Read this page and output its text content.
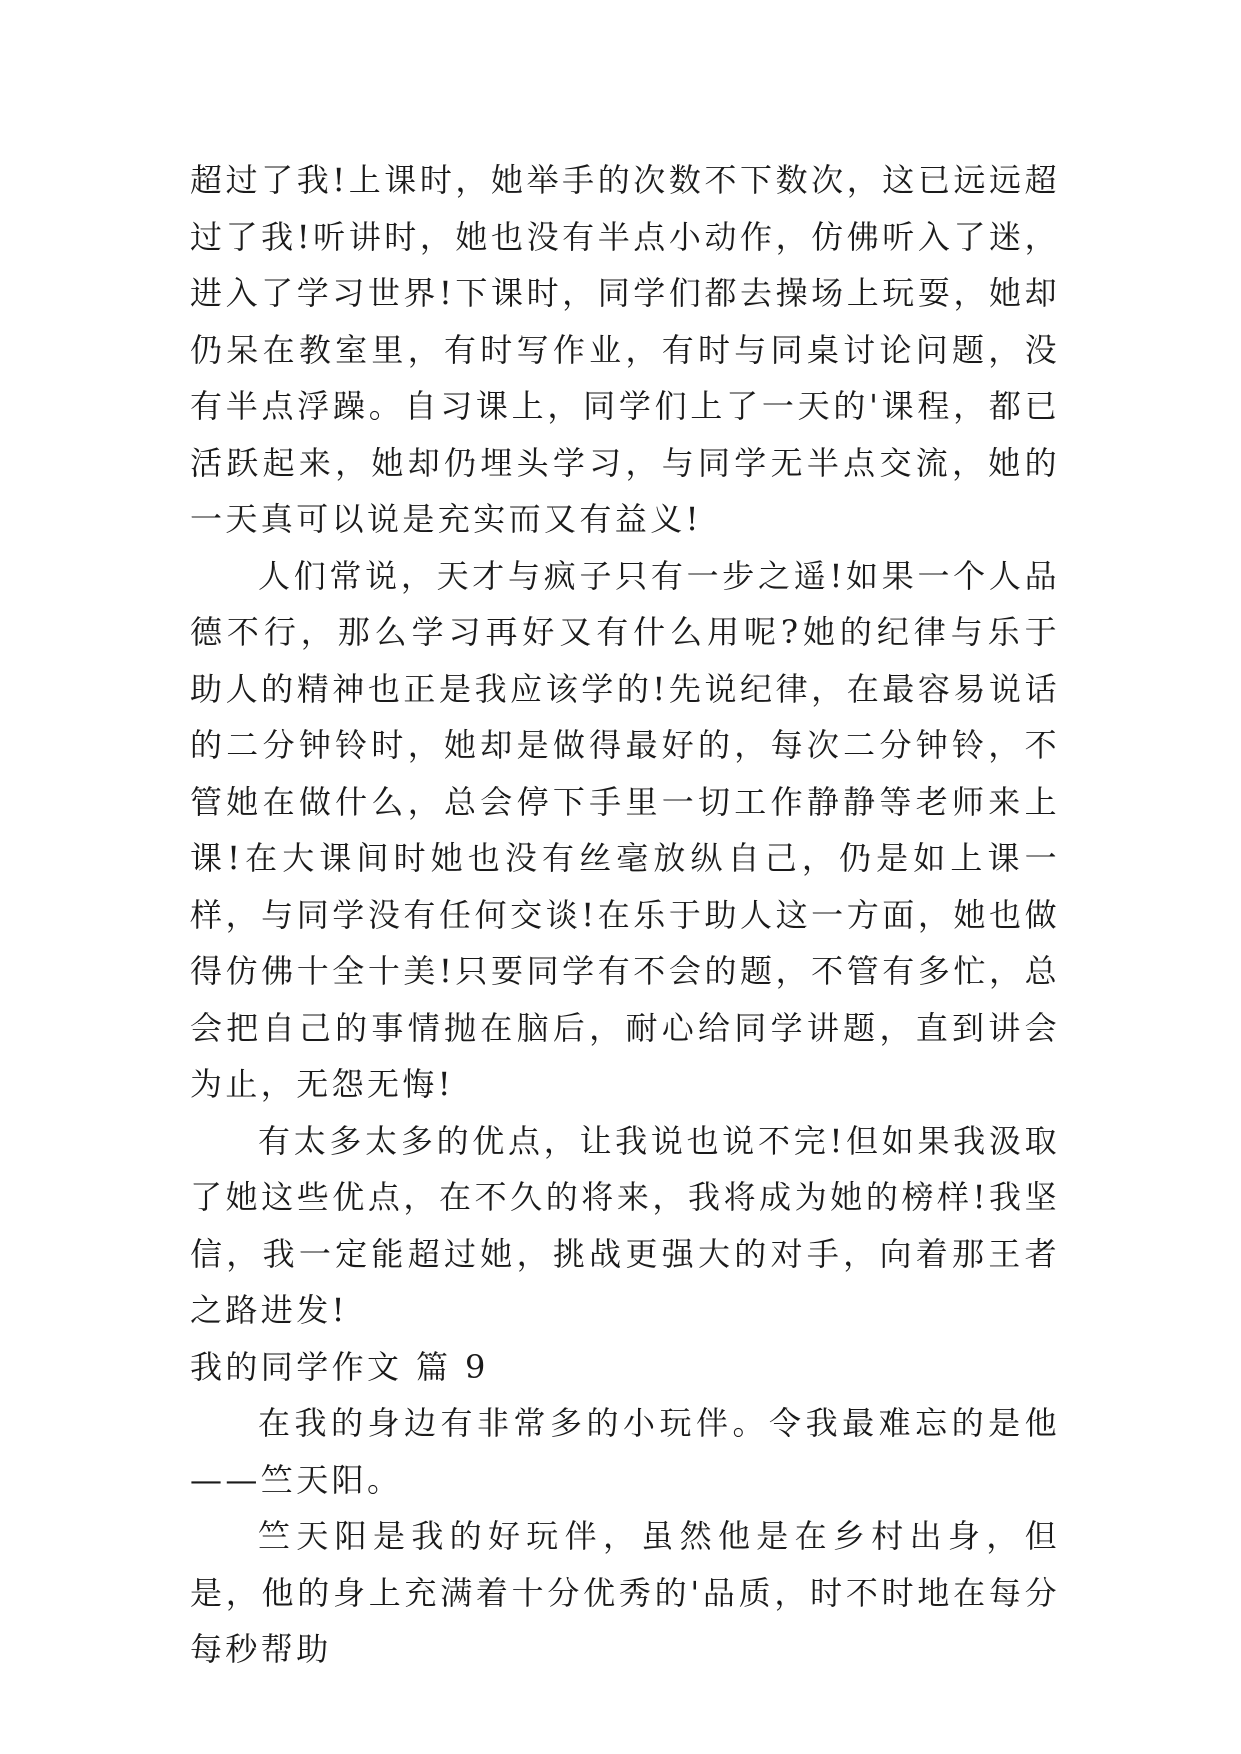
超过了我!上课时，她举手的次数不下数次，这已远远超过了我!听讲时，她也没有半点小动作，仿佛听入了迷，进入了学习世界!下课时，同学们都去操场上玩耍，她却仍呆在教室里，有时写作业，有时与同桌讨论问题，没有半点浮躁。自习课上，同学们上了一天的'课程，都已活跃起来，她却仍埋头学习，与同学无半点交流，她的一天真可以说是充实而又有益义!

人们常说，天才与疯子只有一步之遥!如果一个人品德不行，那么学习再好又有什么用呢?她的纪律与乐于助人的精神也正是我应该学的!先说纪律，在最容易说话的二分钟铃时，她却是做得最好的，每次二分钟铃，不管她在做什么，总会停下手里一切工作静静等老师来上课!在大课间时她也没有丝毫放纵自己，仍是如上课一样，与同学没有任何交谈!在乐于助人这一方面，她也做得仿佛十全十美!只要同学有不会的题，不管有多忙，总会把自己的事情抛在脑后，耐心给同学讲题，直到讲会为止，无怨无悔!

有太多太多的优点，让我说也说不完!但如果我汲取了她这些优点，在不久的将来，我将成为她的榜样!我坚信，我一定能超过她，挑战更强大的对手，向着那王者之路进发!

我的同学作文 篇 9

在我的身边有非常多的小玩伴。令我最难忘的是他——竺天阳。

竺天阳是我的好玩伴，虽然他是在乡村出身，但是，他的身上充满着十分优秀的'品质，时不时地在每分每秒帮助
